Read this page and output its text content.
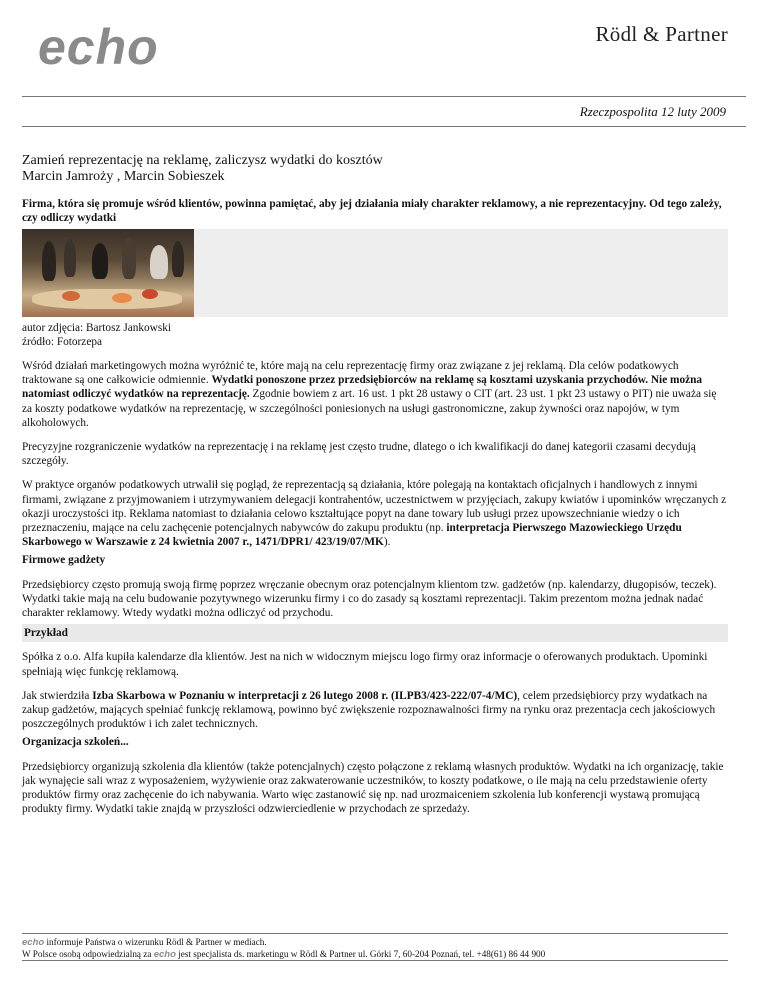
echo	Rödl & Partner
Rzeczpospolita 12 luty 2009

Zamień reprezentację na reklamę, zaliczysz wydatki do kosztów

Marcin Jamroży , Marcin Sobieszek

Firma, która się promuje wśród klientów, powinna pamiętać, aby jej działania miały charakter reklamowy, a nie reprezentacyjny. Od tego zależy, czy odliczy wydatki

autor zdjęcia: Bartosz Jankowski
źródło: Fotorzepa

Wśród działań marketingowych można wyróżnić te, które mają na celu reprezentację firmy oraz związane z jej reklamą. Dla celów podatkowych traktowane są one całkowicie odmiennie. Wydatki ponoszone przez przedsiębiorców na reklamę są kosztami uzyskania przychodów. Nie można natomiast odliczyć wydatków na reprezentację. Zgodnie bowiem z art. 16 ust. 1 pkt 28 ustawy o CIT (art. 23 ust. 1 pkt 23 ustawy o PIT) nie uważa się za koszty podatkowe wydatków na reprezentację, w szczególności poniesionych na usługi gastronomiczne, zakup żywności oraz napojów, w tym alkoholowych.

Precyzyjne rozgraniczenie wydatków na reprezentację i na reklamę jest często trudne, dlatego o ich kwalifikacji do danej kategorii czasami decydują szczegóły.

W praktyce organów podatkowych utrwalił się pogląd, że reprezentacją są działania, które polegają na kontaktach oficjalnych i handlowych z innymi firmami, związane z przyjmowaniem i utrzymywaniem delegacji kontrahentów, uczestnictwem w przyjęciach, zakupy kwiatów i upominków wręczanych z okazji uroczystości itp. Reklama natomiast to działania celowo kształtujące popyt na dane towary lub usługi przez upowszechnianie wiedzy o ich przeznaczeniu, mające na celu zachęcenie potencjalnych nabywców do zakupu produktu (np. interpretacja Pierwszego Mazowieckiego Urzędu Skarbowego w Warszawie z 24 kwietnia 2007 r., 1471/DPR1/ 423/19/07/MK).

Firmowe gadżety

Przedsiębiorcy często promują swoją firmę poprzez wręczanie obecnym oraz potencjalnym klientom tzw. gadżetów (np. kalendarzy, długopisów, teczek). Wydatki takie mają na celu budowanie pozytywnego wizerunku firmy i co do zasady są kosztami reprezentacji. Takim prezentom można jednak nadać charakter reklamowy. Wtedy wydatki można odliczyć od przychodu.

Przykład

Spółka z o.o. Alfa kupiła kalendarze dla klientów. Jest na nich w widocznym miejscu logo firmy oraz informacje o oferowanych produktach. Upominki spełniają więc funkcję reklamową.

Jak stwierdziła Izba Skarbowa w Poznaniu w interpretacji z 26 lutego 2008 r. (ILPB3/423-222/07-4/MC), celem przedsiębiorcy przy wydatkach na zakup gadżetów, mających spełniać funkcję reklamową, powinno być zwiększenie rozpoznawalności firmy na rynku oraz prezentacja cech jakościowych poszczególnych produktów i ich zalet technicznych.

Organizacja szkoleń...

Przedsiębiorcy organizują szkolenia dla klientów (także potencjalnych) często połączone z reklamą własnych produktów. Wydatki na ich organizację, takie jak wynajęcie sali wraz z wyposażeniem, wyżywienie oraz zakwaterowanie uczestników, to koszty podatkowe, o ile mają na celu przedstawienie oferty produktów firmy oraz zachęcenie do ich nabywania. Warto więc zastanowić się np. nad urozmaiceniem szkolenia lub konferencji wystawą promującą produkty firmy. Wydatki takie znajdą w przyszłości odzwierciedlenie w przychodach ze sprzedaży.

echo informuje Państwa o wizerunku Rödl & Partner w mediach.
W Polsce osobą odpowiedzialną za echo jest specjalista ds. marketingu w Rödl & Partner ul. Górki 7, 60-204 Poznań, tel. +48(61) 86 44 900
